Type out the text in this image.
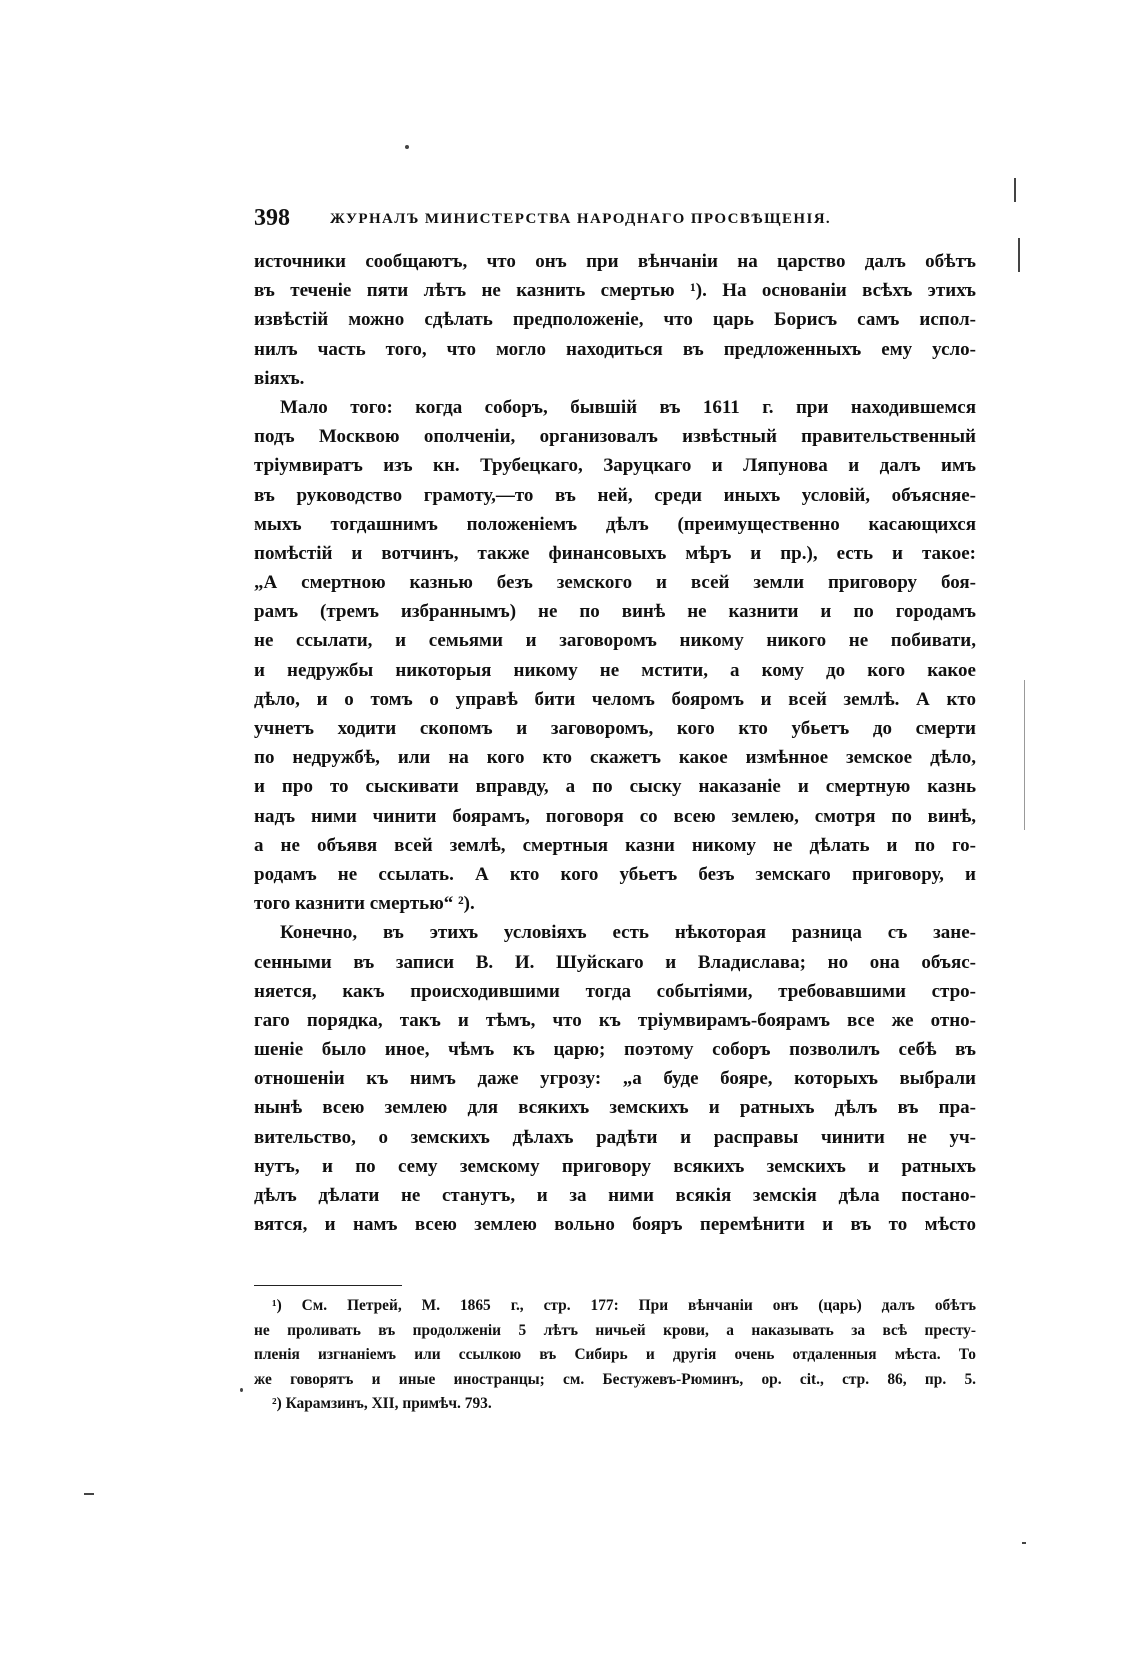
398	ЖУРНАЛЪ МИНИСТЕРСТВА НАРОДНАГО ПРОСВѢЩЕНІЯ.
источники сообщаютъ, что онъ при вѣнчаніи на царство далъ обѣтъ
въ теченіе пяти лѣтъ не казнить смертью ¹). На основаніи всѣхъ этихъ
извѣстій можно сдѣлать предположеніе, что царь Борисъ самъ испол-
нилъ часть того, что могло находиться въ предложенныхъ ему усло-
віяхъ.
Мало того: когда соборъ, бывшій въ 1611 г. при находившемся
подъ Москвою ополченіи, организовалъ извѣстный правительственный
тріумвиратъ изъ кн. Трубецкаго, Заруцкаго и Ляпунова и далъ имъ
въ руководство грамоту,—то въ ней, среди иныхъ условій, объясняе-
мыхъ тогдашнимъ положеніемъ дѣлъ (преимущественно касающихся
помѣстій и вотчинъ, также финансовыхъ мѣръ и пр.), есть и такое:
„А смертною казнью безъ земского и всей земли приговору боя-
рамъ (тремъ избраннымъ) не по винѣ не казнити и по городамъ
не ссылати, и семьями и заговоромъ никому никого не побивати,
и недружбы никоторыя никому не мстити, а кому до кого какое
дѣло, и о томъ о управѣ бити челомъ бояромъ и всей землѣ. А кто
учнетъ ходити скопомъ и заговоромъ, кого кто убьетъ до смерти
по недружбѣ, или на кого кто скажетъ какое измѣнное земское дѣло,
и про то сыскивати вправду, а по сыску наказаніе и смертную казнь
надъ ними чинити боярамъ, поговоря со всею землею, смотря по винѣ,
а не объявя всей землѣ, смертныя казни никому не дѣлать и по го-
родамъ не ссылать. А кто кого убьетъ безъ земскаго приговору, и
того казнити смертью“ ²).
Конечно, въ этихъ условіяхъ есть нѣкоторая разница съ занe-
сенными въ записи В. И. Шуйскаго и Владислава; но она объяс-
няется, какъ происходившими тогда событіями, требовавшими стро-
гаго порядка, такъ и тѣмъ, что къ тріумвирамъ-боярамъ все же отно-
шеніе было иное, чѣмъ къ царю; поэтому соборъ позволилъ себѣ въ
отношеніи къ нимъ даже угрозу: „а будe бояре, которыхъ выбрали
нынѣ всею землею для всякихъ земскихъ и ратныхъ дѣлъ въ пра-
вительство, о земскихъ дѣлахъ радѣти и расправы чинити не уч-
нутъ, и по сему земскому приговору всякихъ земскихъ и ратныхъ
дѣлъ дѣлати не станутъ, и за ними всякія земскія дѣла постано-
вятся, и намъ всею землею вольно бояръ перемѣнити и въ то мѣсто
¹) См. Петрей, М. 1865 г., стр. 177: При вѣнчаніи онъ (царь) далъ обѣтъ
не проливать въ продолженіи 5 лѣтъ ничьей крови, а наказывать за всѣ престу-
пленія изгнаніемъ или ссылкою въ Сибирь и другія очень отдаленныя мѣста. То
же говорятъ и иные иностранцы; см. Бестужевъ-Рюминъ, op. cit., стр. 86, пр. 5.
²) Карамзинъ, XII, примѣч. 793.
